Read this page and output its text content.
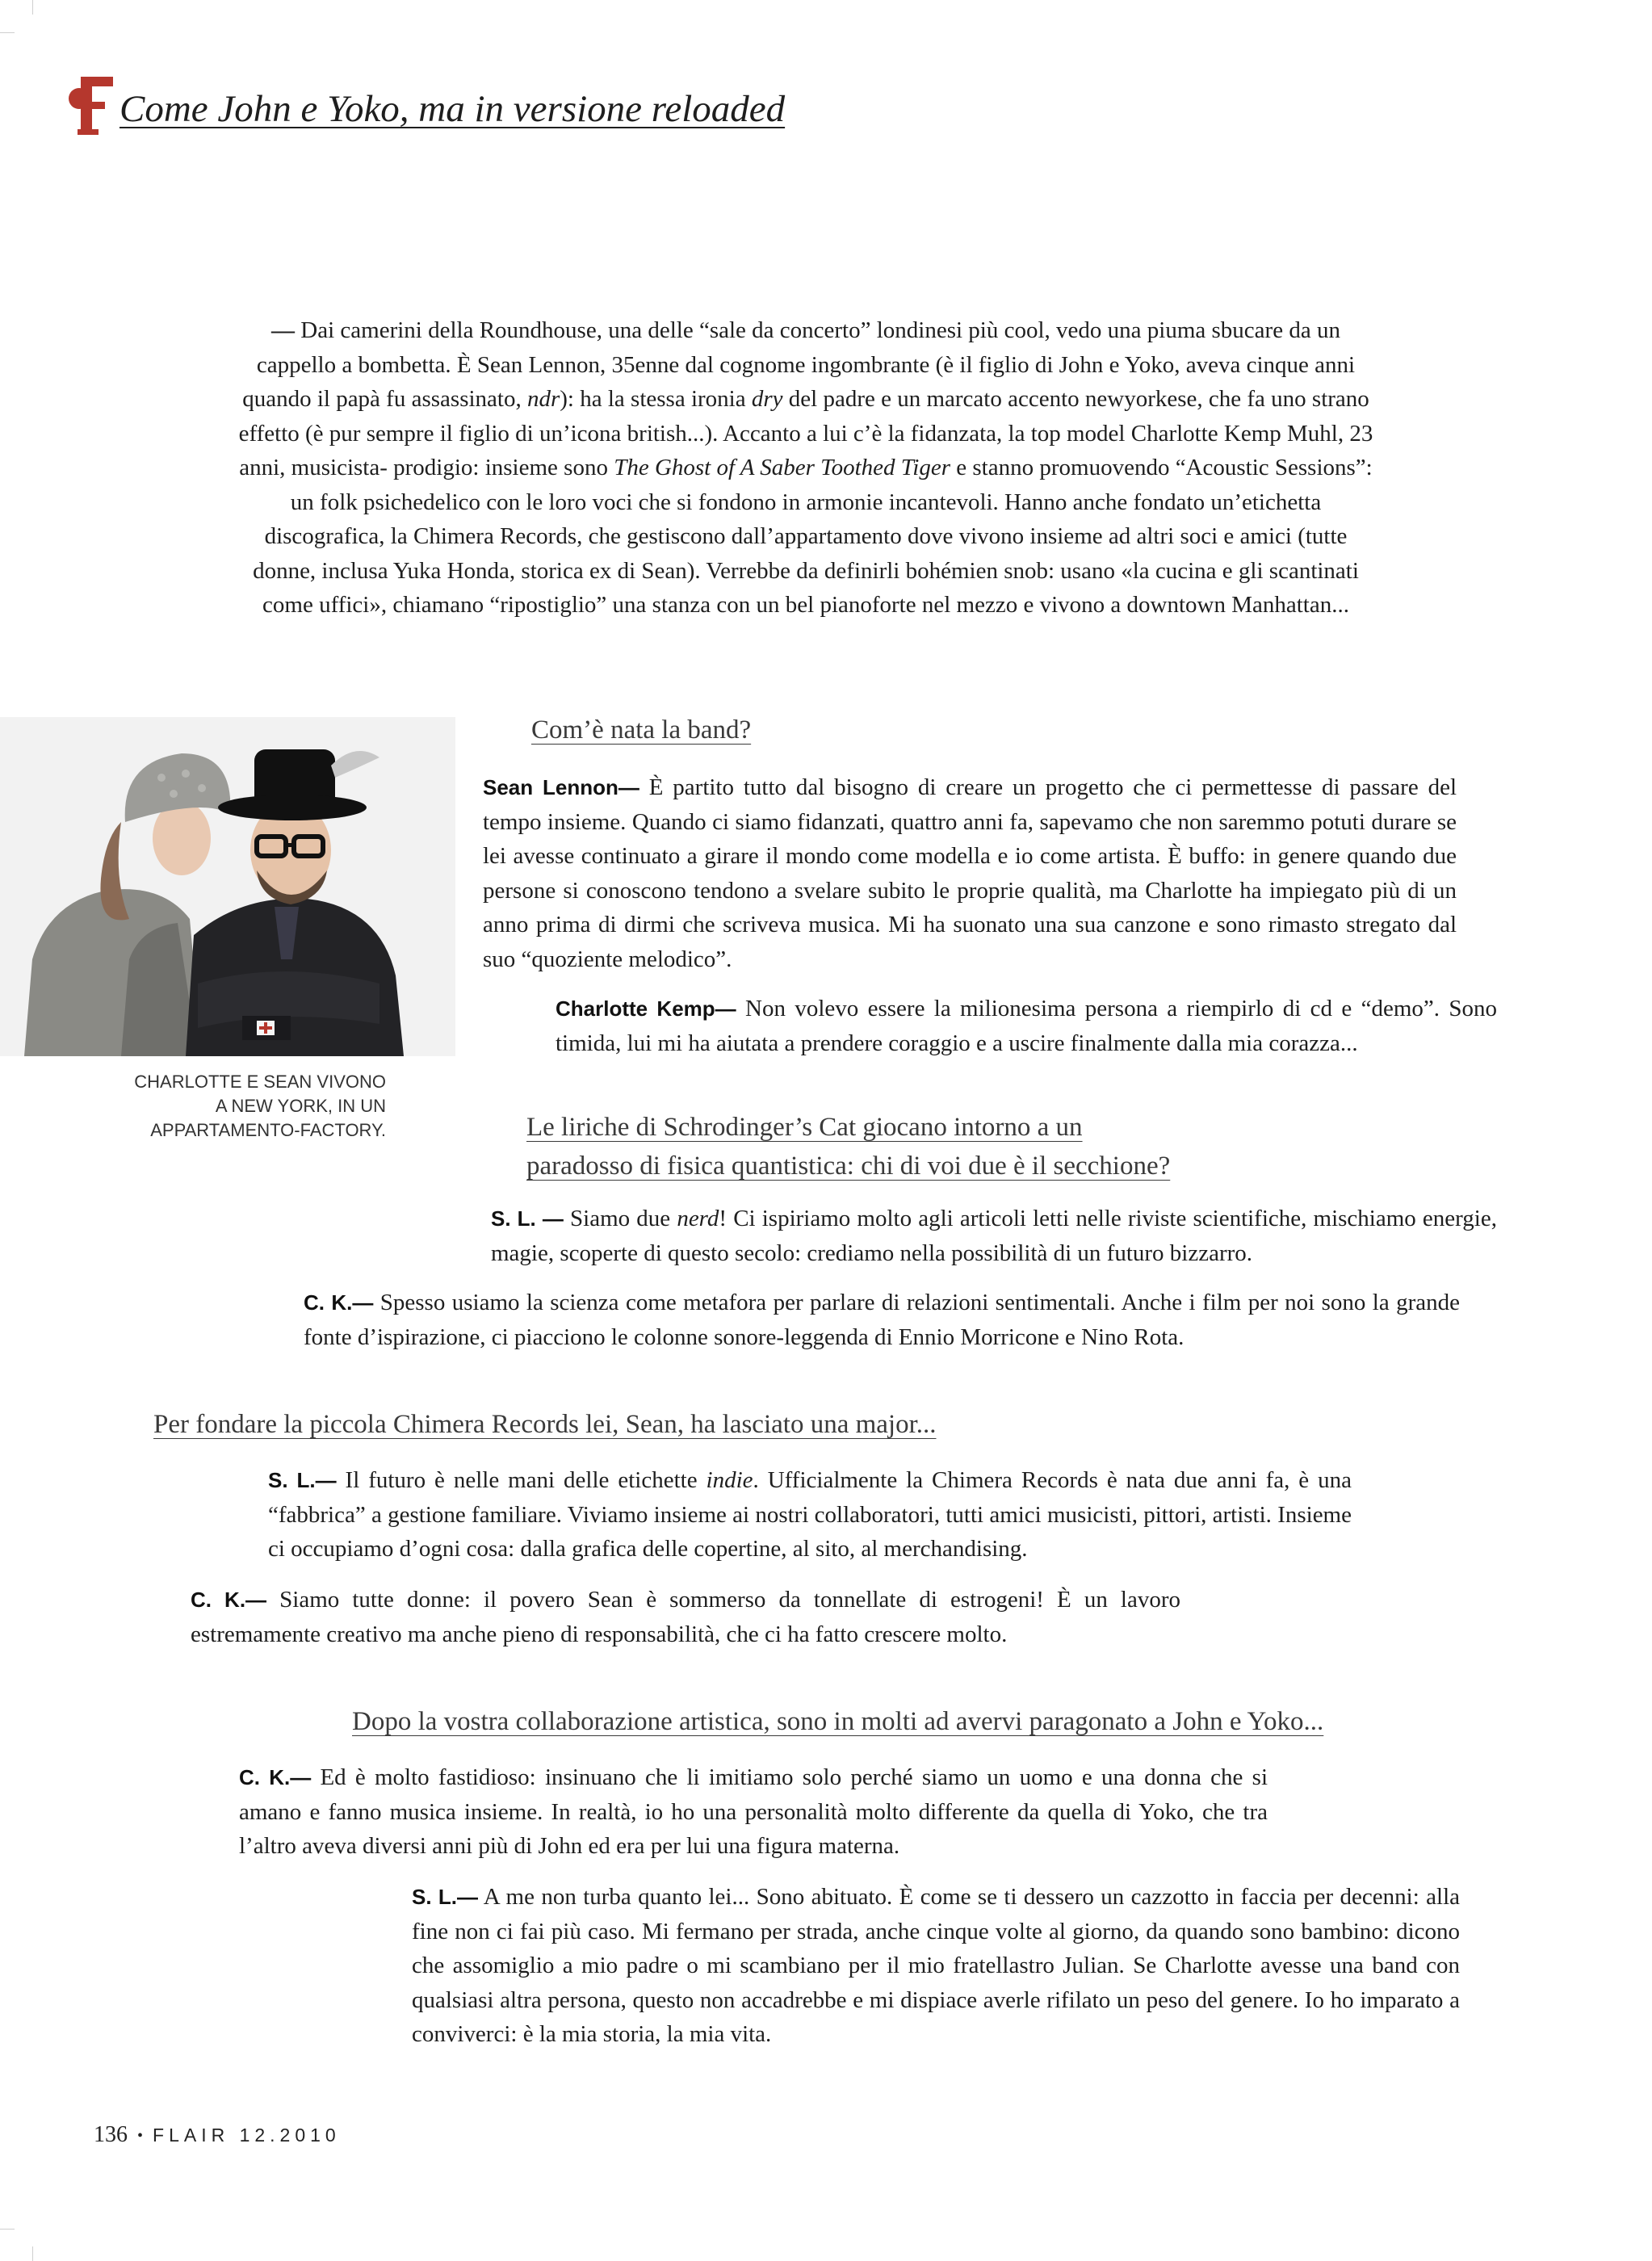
Come John e Yoko, ma in versione reloaded

— Dai camerini della Roundhouse, una delle “sale da concerto” londinesi più cool, vedo una piuma sbucare da un cappello a bombetta. È Sean Lennon, 35enne dal cognome ingombrante (è il figlio di John e Yoko, aveva cinque anni quando il papà fu assassinato, ndr): ha la stessa ironia dry del padre e un marcato accento newyorkese, che fa uno strano effetto (è pur sempre il figlio di un’icona british...). Accanto a lui c’è la fidanzata, la top model Charlotte Kemp Muhl, 23 anni, musicista- prodigio: insieme sono The Ghost of A Saber Toothed Tiger e stanno promuovendo “Acoustic Sessions”: un folk psichedelico con le loro voci che si fondono in armonie incantevoli. Hanno anche fondato un’etichetta discografica, la Chimera Records, che gestiscono dall’appartamento dove vivono insieme ad altri soci e amici (tutte donne, inclusa Yuka Honda, storica ex di Sean). Verrebbe da definirli bohémien snob: usano «la cucina e gli scantinati come uffici», chiamano “ripostiglio” una stanza con un bel pianoforte nel mezzo e vivono a downtown Manhattan...

CHARLOTTE E SEAN VIVONO A NEW YORK, IN UN APPARTAMENTO-FACTORY.
Com’è nata la band?

Sean Lennon— È partito tutto dal bisogno di creare un progetto che ci permettesse di passare del tempo insieme. Quando ci siamo fidanzati, quattro anni fa, sapevamo che non saremmo potuti durare se lei avesse continuato a girare il mondo come modella e io come artista. È buffo: in genere quando due persone si conoscono tendono a svelare subito le proprie qualità, ma Charlotte ha impiegato più di un anno prima di dirmi che scriveva musica. Mi ha suonato una sua canzone e sono rimasto stregato dal suo “quoziente melodico”.

Charlotte Kemp— Non volevo essere la milionesima persona a riempirlo di cd e “demo”. Sono timida, lui mi ha aiutata a prendere coraggio e a uscire finalmente dalla mia corazza...

Le liriche di Schrodinger’s Cat giocano intorno a un
paradosso di fisica quantistica: chi di voi due è il secchione?

S. L. — Siamo due nerd! Ci ispiriamo molto agli articoli letti nelle riviste scientifiche, mischiamo energie, magie, scoperte di questo secolo: crediamo nella possibilità di un futuro bizzarro.

C. K.— Spesso usiamo la scienza come metafora per parlare di relazioni sentimentali. Anche i film per noi sono la grande fonte d’ispirazione, ci piacciono le colonne sonore-leggenda di Ennio Morricone e Nino Rota.

Per fondare la piccola Chimera Records lei, Sean, ha lasciato una major...

S. L.— Il futuro è nelle mani delle etichette indie. Ufficialmente la Chimera Records è nata due anni fa, è una “fabbrica” a gestione familiare. Viviamo insieme ai nostri collaboratori, tutti amici musicisti, pittori, artisti. Insieme ci occupiamo d’ogni cosa: dalla grafica delle copertine, al sito, al merchandising.

C. K.— Siamo tutte donne: il povero Sean è sommerso da tonnellate di estrogeni! È un lavoro estremamente creativo ma anche pieno di responsabilità, che ci ha fatto crescere molto.

Dopo la vostra collaborazione artistica, sono in molti ad avervi paragonato a John e Yoko...

C. K.— Ed è molto fastidioso: insinuano che li imitiamo solo perché siamo un uomo e una donna che si amano e fanno musica insieme. In realtà, io ho una personalità molto differente da quella di Yoko, che tra l’altro aveva diversi anni più di John ed era per lui una figura materna.

S. L.— A me non turba quanto lei... Sono abituato. È come se ti dessero un cazzotto in faccia per decenni: alla fine non ci fai più caso. Mi fermano per strada, anche cinque volte al giorno, da quando sono bambino: dicono che assomiglio a mio padre o mi scambiano per il mio fratellastro Julian. Se Charlotte avesse una band con qualsiasi altra persona, questo non accadrebbe e mi dispiace averle rifilato un peso del genere. Io ho imparato a conviverci: è la mia storia, la mia vita.

136 • FLAIR 12.2010
